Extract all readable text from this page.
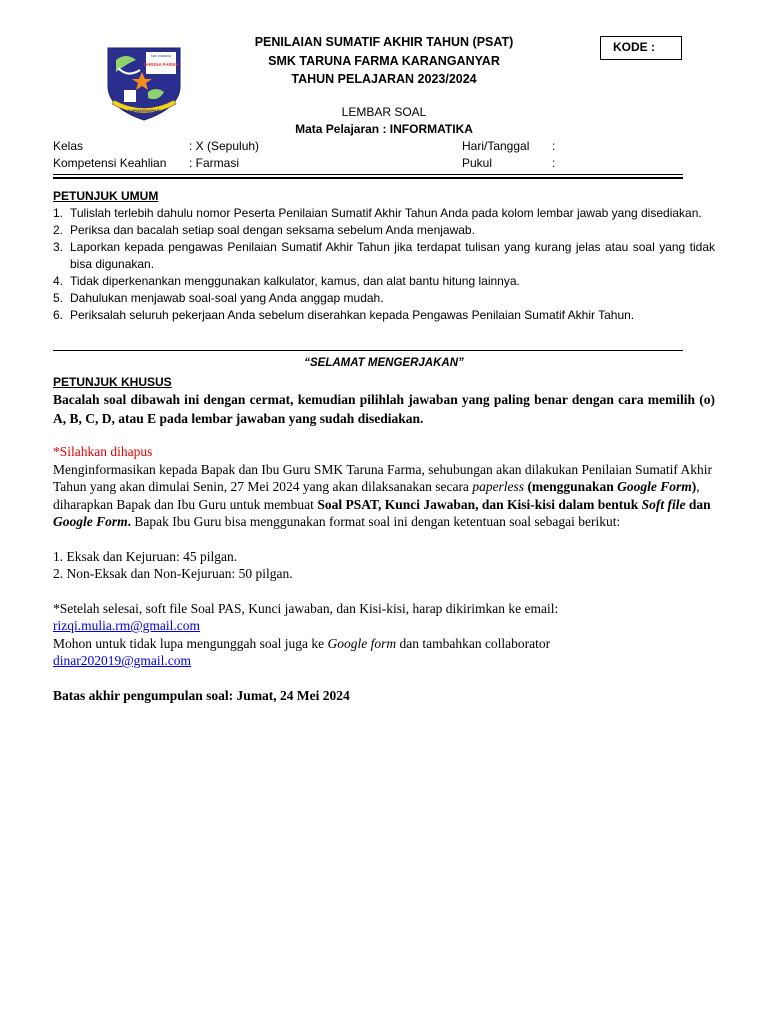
TARUNA FARMA
SMK FARMASI
KARANGANYAR
PENILAIAN SUMATIF AKHIR TAHUN (PSAT)
SMK TARUNA FARMA KARANGANYAR
TAHUN PELAJARAN 2023/2024
KODE :
LEMBAR SOAL
Mata Pelajaran : INFORMATIKA
Kelas	: X (Sepuluh)
Kompetensi Keahlian : Farmasi
Hari/Tanggal :
Pukul	:
PETUNJUK UMUM
1. Tulislah terlebih dahulu nomor Peserta Penilaian Sumatif Akhir Tahun Anda pada kolom lembar jawab yang disediakan.
2. Periksa dan bacalah setiap soal dengan seksama sebelum Anda menjawab.
3. Laporkan kepada pengawas Penilaian Sumatif Akhir Tahun jika terdapat tulisan yang kurang jelas atau soal yang tidak bisa digunakan.
4. Tidak diperkenankan menggunakan kalkulator, kamus, dan alat bantu hitung lainnya.
5. Dahulukan menjawab soal-soal yang Anda anggap mudah.
6. Periksalah seluruh pekerjaan Anda sebelum diserahkan kepada Pengawas Penilaian Sumatif Akhir Tahun.
“SELAMAT MENGERJAKAN”
PETUNJUK KHUSUS
Bacalah soal dibawah ini dengan cermat, kemudian pilihlah jawaban yang paling benar dengan cara memilih (o) A, B, C, D, atau E pada lembar jawaban yang sudah disediakan.

*Silahkan dihapus

Menginformasikan kepada Bapak dan Ibu Guru SMK Taruna Farma, sehubungan akan dilakukan Penilaian Sumatif Akhir Tahun yang akan dimulai Senin, 27 Mei 2024 yang akan dilaksanakan secara paperless (menggunakan Google Form), diharapkan Bapak dan Ibu Guru untuk membuat Soal PSAT, Kunci Jawaban, dan Kisi-kisi dalam bentuk Soft file dan Google Form. Bapak Ibu Guru bisa menggunakan format soal ini dengan ketentuan soal sebagai berikut:

1. Eksak dan Kejuruan: 45 pilgan.

2. Non-Eksak dan Non-Kejuruan: 50 pilgan.

*Setelah selesai, soft file Soal PAS, Kunci jawaban, dan Kisi-kisi, harap dikirimkan ke email:

rizqi.mulia.rm@gmail.com

Mohon untuk tidak lupa mengunggah soal juga ke Google form dan tambahkan collaborator

dinar202019@gmail.com

Batas akhir pengumpulan soal: Jumat, 24 Mei 2024
